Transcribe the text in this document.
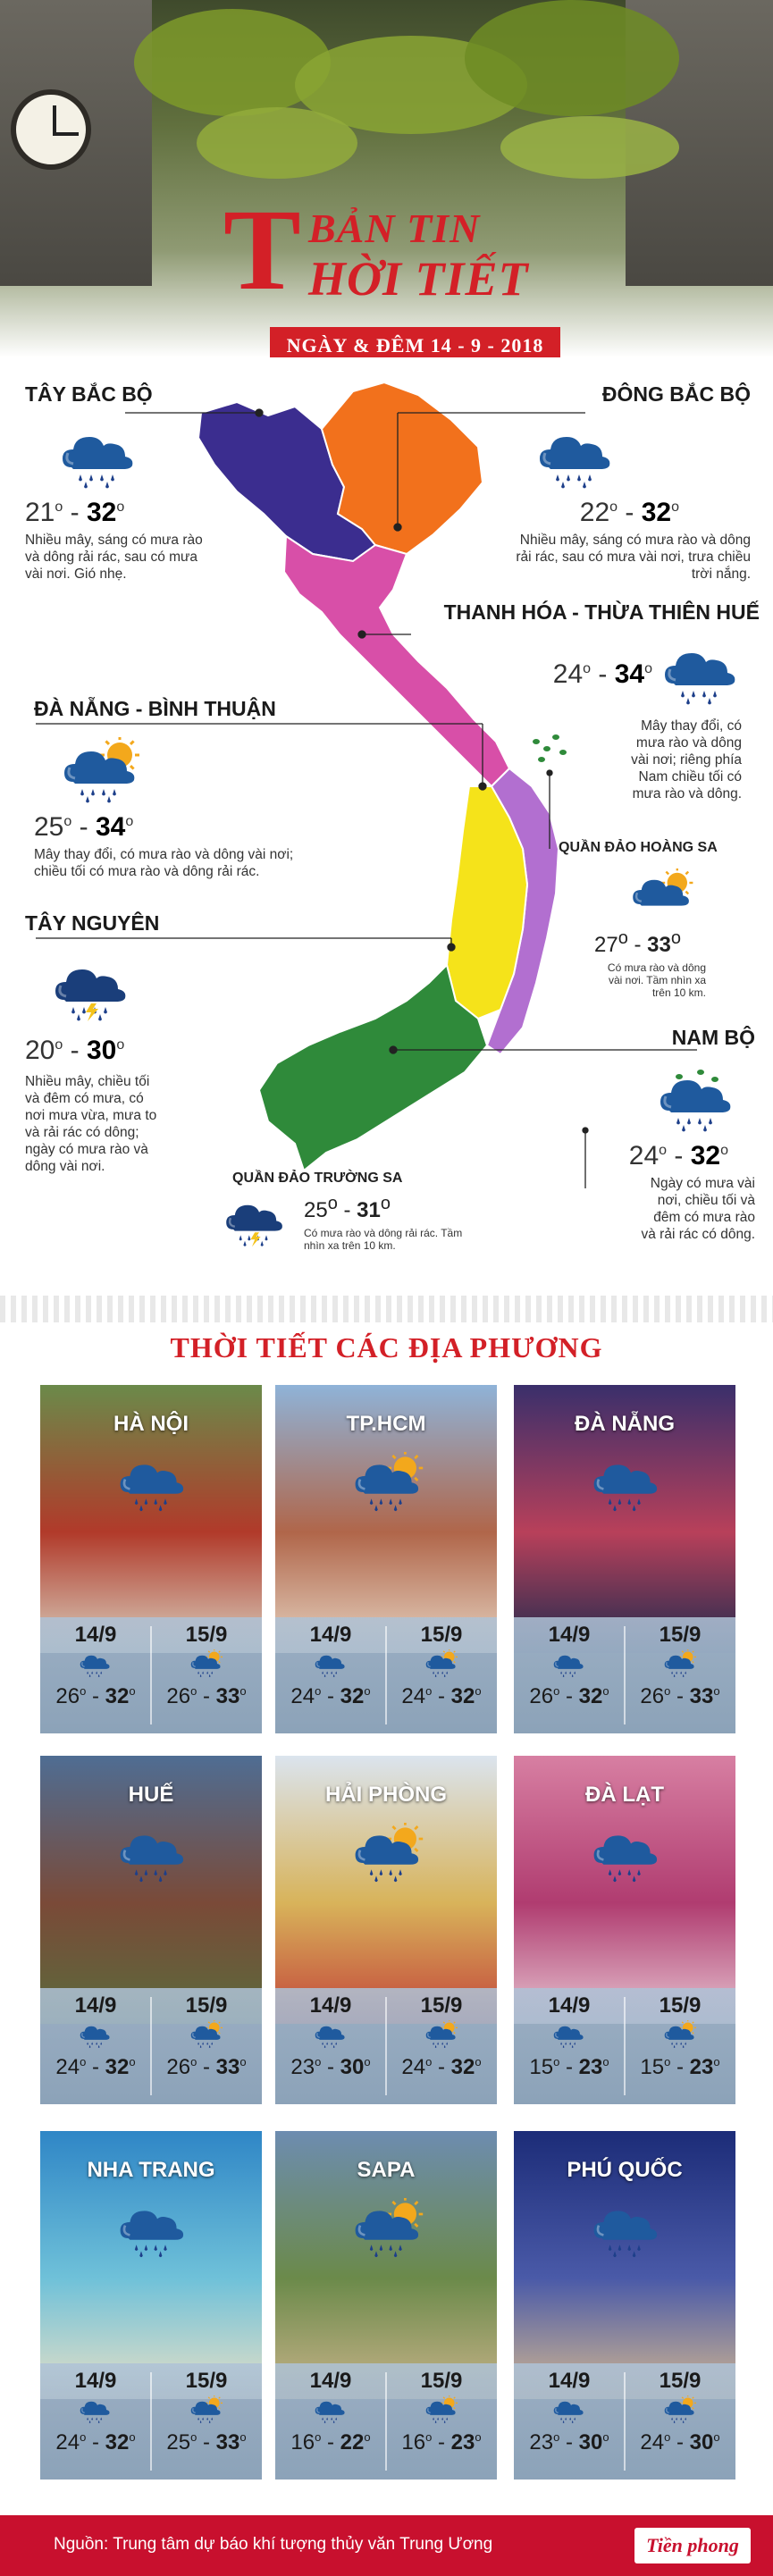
T BẢN TIN
HỜI TIẾT
NGÀY & ĐÊM 14 - 9 - 2018
TÂY BẮC BỘ
21$^o$ - 32$^o$
Nhiều mây, sáng có mưa rào
và dông rải rác, sau có mưa
vài nơi. Gió nhẹ.
ĐÔNG BẮC BỘ
22$^o$ - 32$^o$
Nhiều mây, sáng có mưa rào và dông
rải rác, sau có mưa vài nơi, trưa chiều
trời nắng.
THANH HÓA - THỪA THIÊN HUẾ
24$^o$ - 34$^o$
Mây thay đổi, có
mưa rào và dông
vài nơi; riêng phía
Nam chiều tối có
mưa rào và dông.
ĐÀ NẴNG - BÌNH THUẬN
25$^o$ - 34$^o$
Mây thay đổi, có mưa rào và dông vài nơi;
chiều tối có mưa rào và dông rải rác.
TÂY NGUYÊN
20$^o$ - 30$^o$
Nhiều mây, chiều tối
và đêm có mưa, có
nơi mưa vừa, mưa to
và rải rác có dông;
ngày có mưa rào và
dông vài nơi.
NAM BỘ
24$^o$ - 32$^o$
Ngày có mưa vài
nơi, chiều tối và
đêm có mưa rào
và rải rác có dông.
QUẦN ĐẢO HOÀNG SA
27$^o$ - 33$^o$
Có mưa rào và dông
vài nơi. Tầm nhìn xa
trên 10 km.
QUẦN ĐẢO TRƯỜNG SA
25$^o$ - 31$^o$
Có mưa rào và dông rải rác. Tầm
nhìn xa trên 10 km.
THỜI TIẾT CÁC ĐỊA PHƯƠNG
HÀ NỘI
14/9
26$^o$ - 32$^o$
15/9
26$^o$ - 33$^o$
TP.HCM
14/9
24$^o$ - 32$^o$
15/9
24$^o$ - 32$^o$
ĐÀ NẴNG
14/9
26$^o$ - 32$^o$
15/9
26$^o$ - 33$^o$
HUẾ
14/9
24$^o$ - 32$^o$
15/9
26$^o$ - 33$^o$
HẢI PHÒNG
14/9
23$^o$ - 30$^o$
15/9
24$^o$ - 32$^o$
ĐÀ LẠT
14/9
15$^o$ - 23$^o$
15/9
15$^o$ - 23$^o$
NHA TRANG
14/9
24$^o$ - 32$^o$
15/9
25$^o$ - 33$^o$
SAPA
14/9
16$^o$ - 22$^o$
15/9
16$^o$ - 23$^o$
PHÚ QUỐC
14/9
23$^o$ - 30$^o$
15/9
24$^o$ - 30$^o$
Nguồn: Trung tâm dự báo khí tượng thủy văn Trung Ương	Tiền phong
